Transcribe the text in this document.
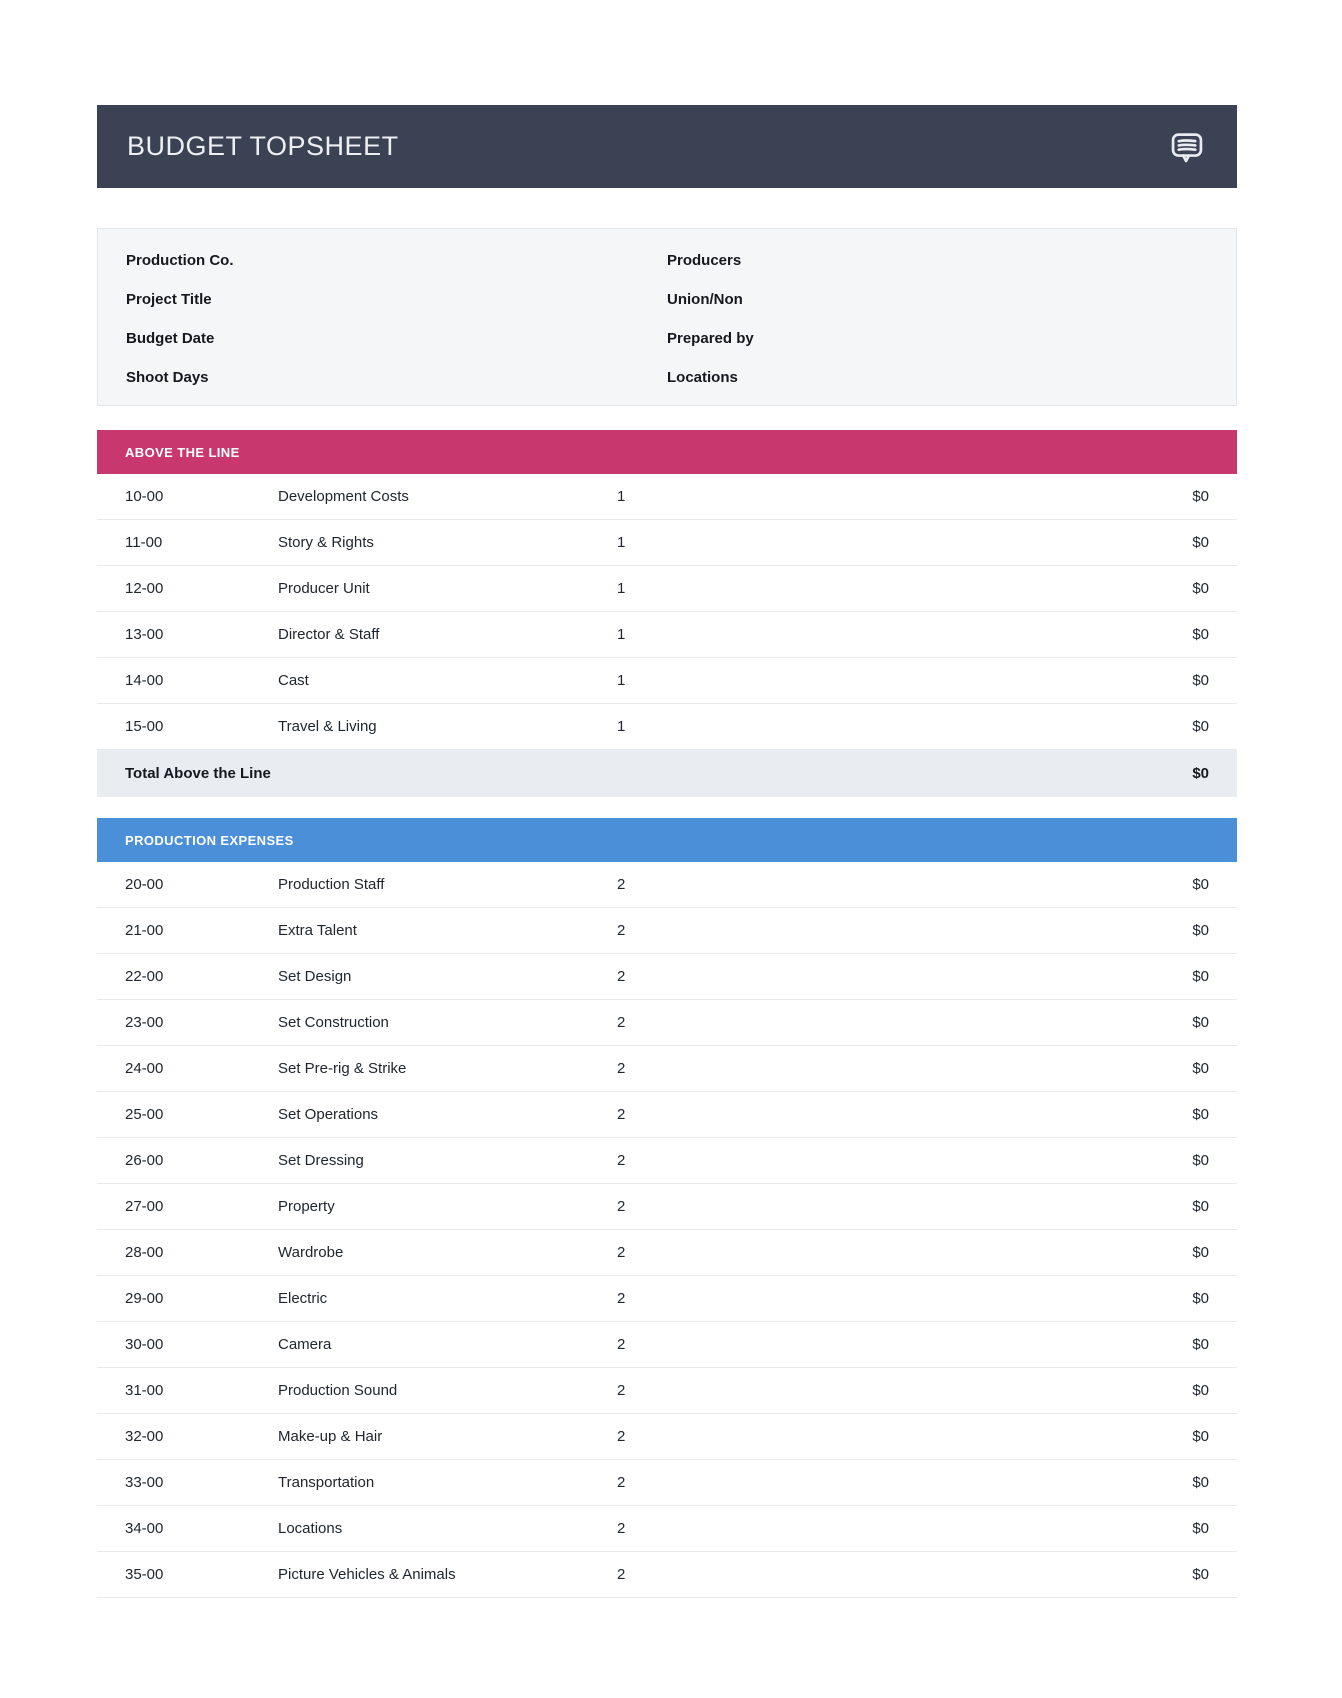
BUDGET TOPSHEET
Production Co.
Project Title
Budget Date
Shoot Days
Producers
Union/Non
Prepared by
Locations
ABOVE THE LINE
10-00	Development Costs	1	$0
11-00	Story & Rights	1	$0
12-00	Producer Unit	1	$0
13-00	Director & Staff	1	$0
14-00	Cast	1	$0
15-00	Travel & Living	1	$0
Total Above the Line	$0
PRODUCTION EXPENSES
20-00	Production Staff	2	$0
21-00	Extra Talent	2	$0
22-00	Set Design	2	$0
23-00	Set Construction	2	$0
24-00	Set Pre-rig & Strike	2	$0
25-00	Set Operations	2	$0
26-00	Set Dressing	2	$0
27-00	Property	2	$0
28-00	Wardrobe	2	$0
29-00	Electric	2	$0
30-00	Camera	2	$0
31-00	Production Sound	2	$0
32-00	Make-up & Hair	2	$0
33-00	Transportation	2	$0
34-00	Locations	2	$0
35-00	Picture Vehicles & Animals	2	$0
